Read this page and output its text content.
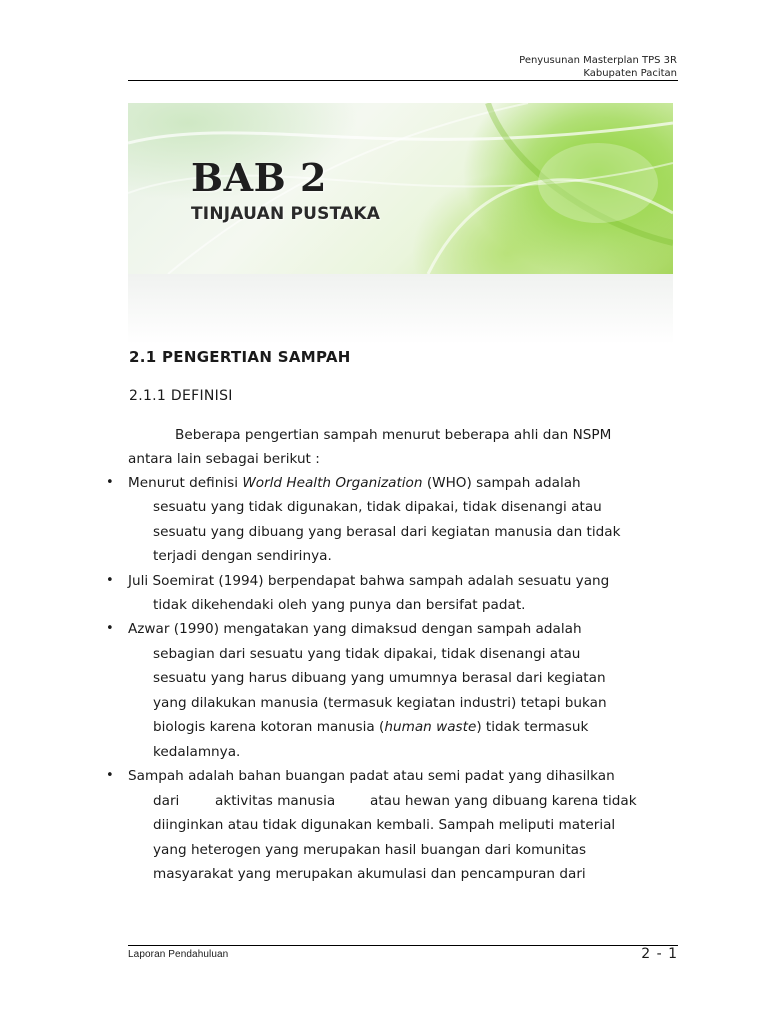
Penyusunan Masterplan TPS 3R
Kabupaten Pacitan
BAB 2
TINJAUAN PUSTAKA
2.1 PENGERTIAN SAMPAH
2.1.1 DEFINISI
Beberapa pengertian sampah menurut beberapa ahli dan NSPM
antara lain sebagai berikut :
• Menurut definisi World Health Organization (WHO) sampah adalah
sesuatu yang tidak digunakan, tidak dipakai, tidak disenangi atau
sesuatu yang dibuang yang berasal dari kegiatan manusia dan tidak
terjadi dengan sendirinya.
• Juli Soemirat (1994) berpendapat bahwa sampah adalah sesuatu yang
tidak dikehendaki oleh yang punya dan bersifat padat.
• Azwar (1990) mengatakan yang dimaksud dengan sampah adalah
sebagian dari sesuatu yang tidak dipakai, tidak disenangi atau
sesuatu yang harus dibuang yang umumnya berasal dari kegiatan
yang dilakukan manusia (termasuk kegiatan industri) tetapi bukan
biologis karena kotoran manusia (human waste) tidak termasuk
kedalamnya.
• Sampah adalah bahan buangan padat atau semi padat yang dihasilkan
dari	aktivitas manusia	atau hewan yang dibuang karena tidak
diinginkan atau tidak digunakan kembali. Sampah meliputi material
yang heterogen yang merupakan hasil buangan dari komunitas
masyarakat yang merupakan akumulasi dan pencampuran dari
Laporan Pendahuluan	2 - 1
